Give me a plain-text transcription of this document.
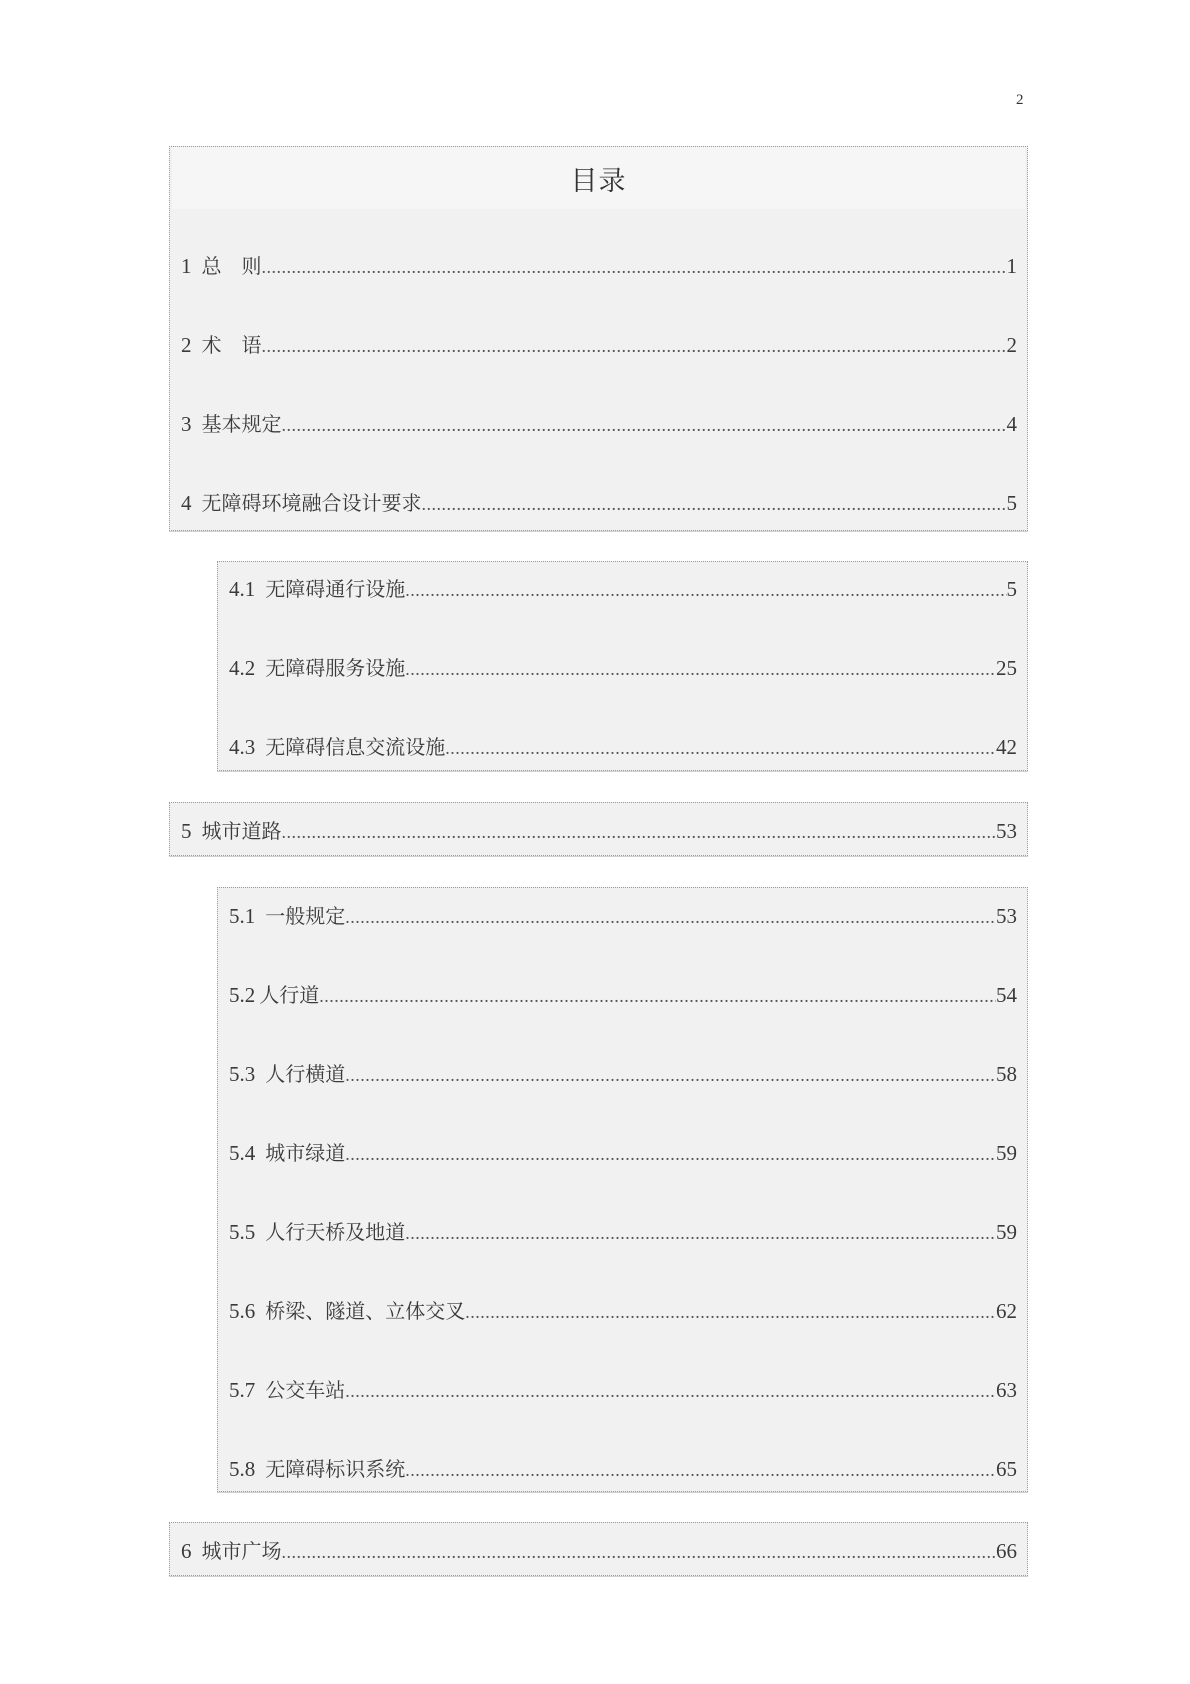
2
目录
1 总　则 .....	1
2 术　语 .....	2
3 基本规定 .....	4
4 无障碍环境融合设计要求 .....	5
4.1 无障碍通行设施 .....	5
4.2 无障碍服务设施 .....	25
4.3 无障碍信息交流设施 .....	42
5 城市道路 .....	53
5.1 一般规定 .....	53
5.2 人行道 .....	54
5.3 人行横道 .....	58
5.4 城市绿道 .....	59
5.5 人行天桥及地道 .....	59
5.6 桥梁、隧道、立体交叉 .....	62
5.7 公交车站 .....	63
5.8 无障碍标识系统 .....	65
6 城市广场 .....	66
